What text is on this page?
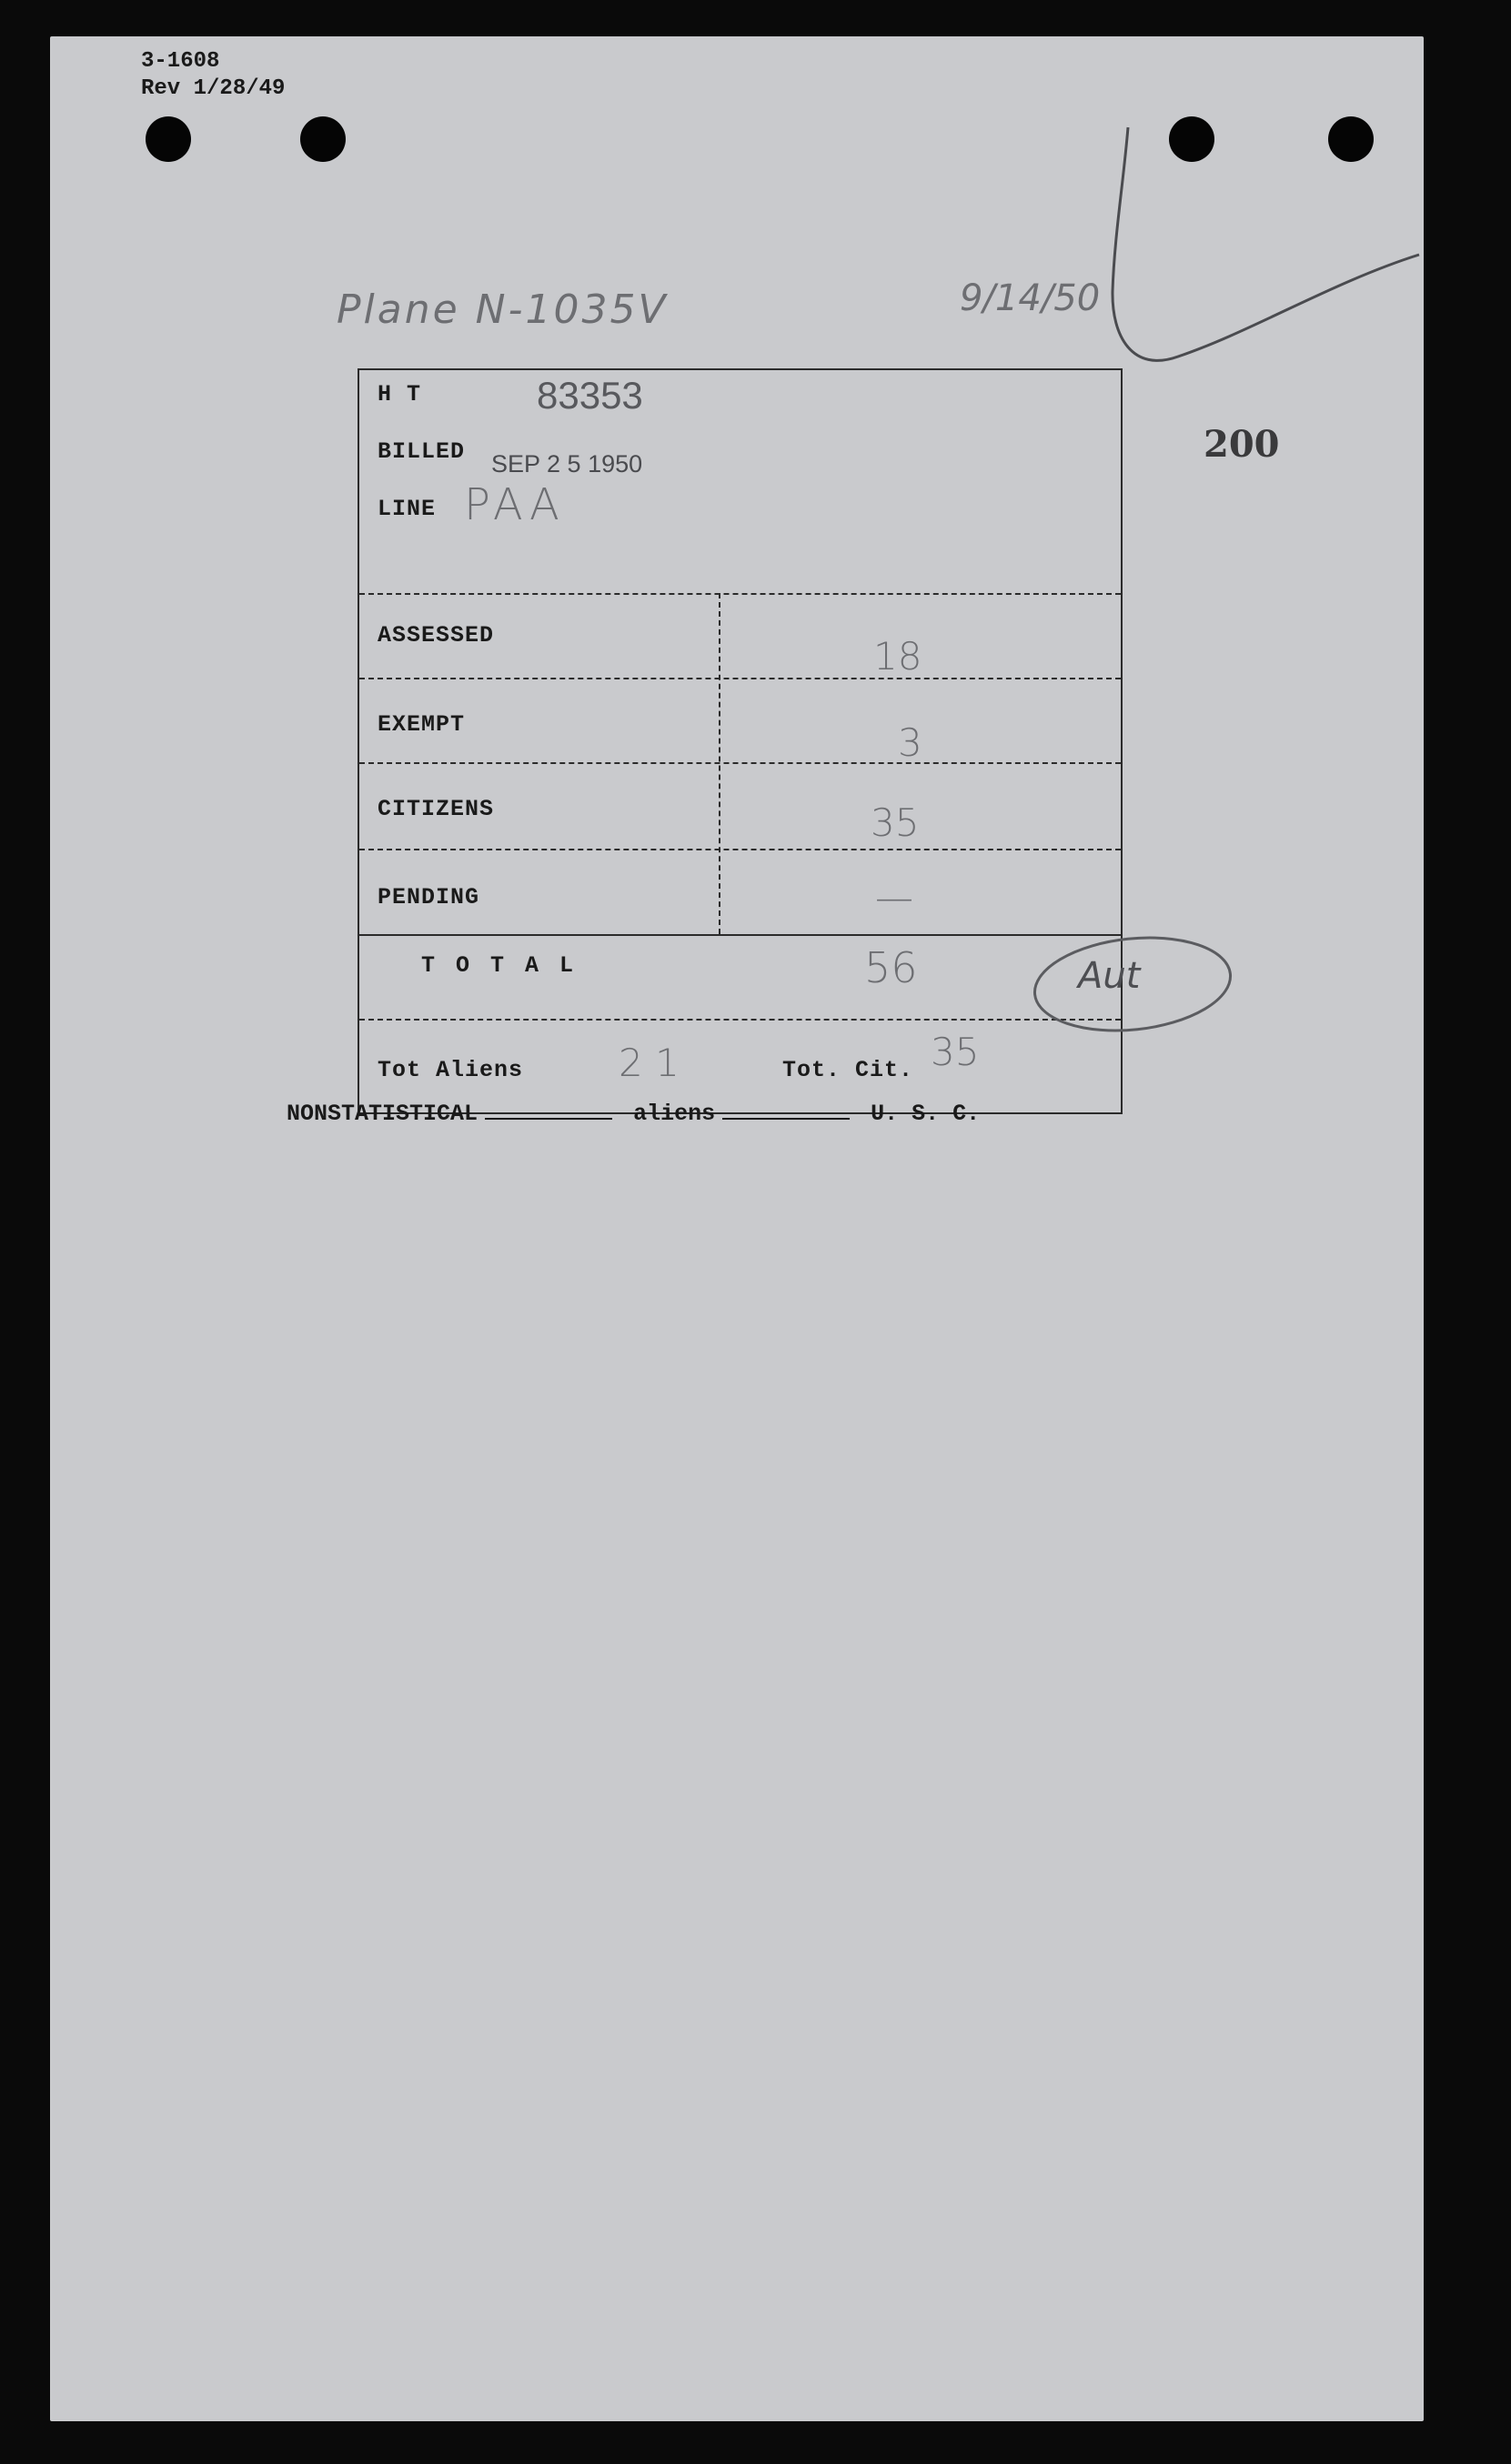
3-1608
Rev 1/28/49
Plane N-1035V	9/14/50
200
H T	83353
BILLED SEP 2 5 1950
LINE PAA
ASSESSED	18
EXEMPT	3
CITIZENS	35
PENDING	—
T O T A L	56
Tot Aliens 2 1	Tot. Cit. 35
Aut
NONSTATISTICAL	aliens	U. S. C.
